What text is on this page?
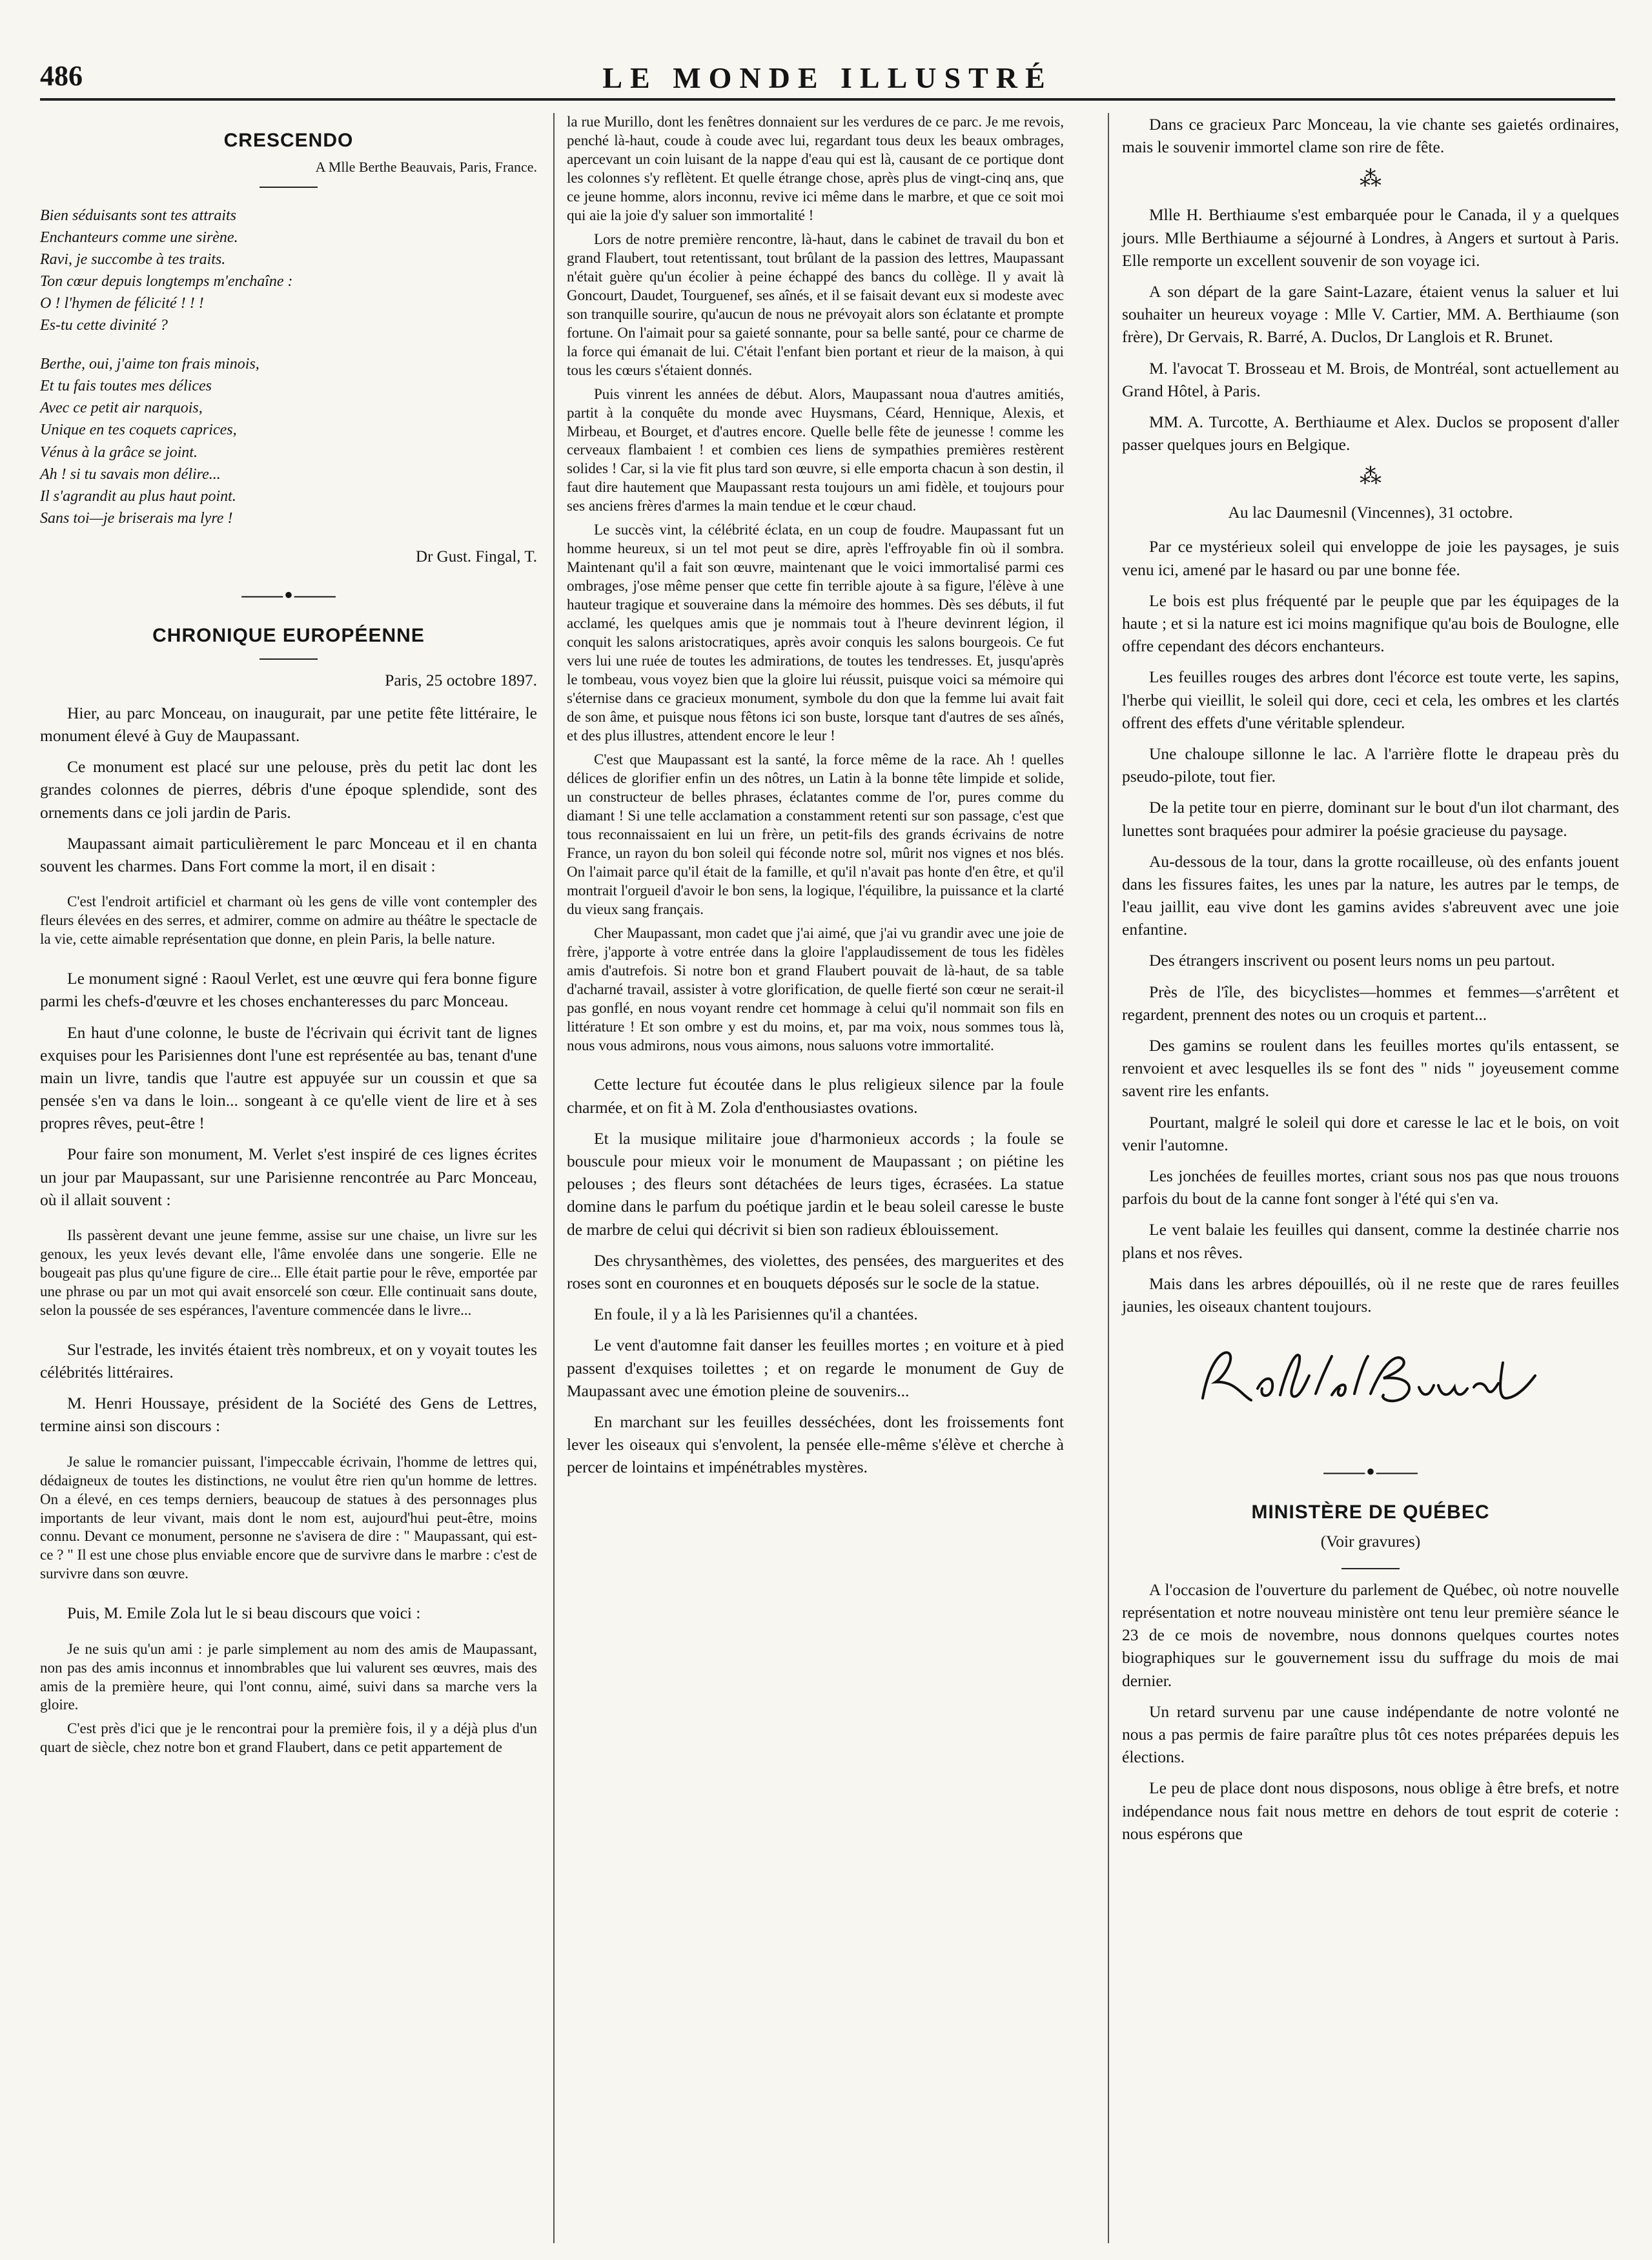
486	LE MONDE ILLUSTRÉ
CRESCENDO
A Mlle Berthe Beauvais, Paris, France.
Bien séduisants sont tes attraits
Enchanteurs comme une sirène.
Ravi, je succombe à tes traits.
Ton cœur depuis longtemps m'enchaîne :
O ! l'hymen de félicité ! ! !
Es-tu cette divinité ?
Berthe, oui, j'aime ton frais minois,
Et tu fais toutes mes délices
Avec ce petit air narquois,
Unique en tes coquets caprices,
Vénus à la grâce se joint.
Ah ! si tu savais mon délire...
Il s'agrandit au plus haut point.
Sans toi—je briserais ma lyre !
Dr Gust. Fingal, T.
⸺•⸺
CHRONIQUE EUROPÉENNE
Paris, 25 octobre 1897.

Hier, au parc Monceau, on inaugurait, par une petite fête littéraire, le monument élevé à Guy de Maupassant.

Ce monument est placé sur une pelouse, près du petit lac dont les grandes colonnes de pierres, débris d'une époque splendide, sont des ornements dans ce joli jardin de Paris.

Maupassant aimait particulièrement le parc Monceau et il en chanta souvent les charmes. Dans Fort comme la mort, il en disait :

C'est l'endroit artificiel et charmant où les gens de ville vont contempler des fleurs élevées en des serres, et admirer, comme on admire au théâtre le spectacle de la vie, cette aimable représentation que donne, en plein Paris, la belle nature.

Le monument signé : Raoul Verlet, est une œuvre qui fera bonne figure parmi les chefs-d'œuvre et les choses enchanteresses du parc Monceau.

En haut d'une colonne, le buste de l'écrivain qui écrivit tant de lignes exquises pour les Parisiennes dont l'une est représentée au bas, tenant d'une main un livre, tandis que l'autre est appuyée sur un coussin et que sa pensée s'en va dans le loin... songeant à ce qu'elle vient de lire et à ses propres rêves, peut-être !

Pour faire son monument, M. Verlet s'est inspiré de ces lignes écrites un jour par Maupassant, sur une Parisienne rencontrée au Parc Monceau, où il allait souvent :

Ils passèrent devant une jeune femme, assise sur une chaise, un livre sur les genoux, les yeux levés devant elle, l'âme envolée dans une songerie. Elle ne bougeait pas plus qu'une figure de cire... Elle était partie pour le rêve, emportée par une phrase ou par un mot qui avait ensorcelé son cœur. Elle continuait sans doute, selon la poussée de ses espérances, l'aventure commencée dans le livre...

Sur l'estrade, les invités étaient très nombreux, et on y voyait toutes les célébrités littéraires.

M. Henri Houssaye, président de la Société des Gens de Lettres, termine ainsi son discours :

Je salue le romancier puissant, l'impeccable écrivain, l'homme de lettres qui, dédaigneux de toutes les distinctions, ne voulut être rien qu'un homme de lettres. On a élevé, en ces temps derniers, beaucoup de statues à des personnages plus importants de leur vivant, mais dont le nom est, aujourd'hui peut-être, moins connu. Devant ce monument, personne ne s'avisera de dire : " Maupassant, qui est-ce ? " Il est une chose plus enviable encore que de survivre dans le marbre : c'est de survivre dans son œuvre.

Puis, M. Emile Zola lut le si beau discours que voici :

Je ne suis qu'un ami : je parle simplement au nom des amis de Maupassant, non pas des amis inconnus et innombrables que lui valurent ses œuvres, mais des amis de la première heure, qui l'ont connu, aimé, suivi dans sa marche vers la gloire.

C'est près d'ici que je le rencontrai pour la première fois, il y a déjà plus d'un quart de siècle, chez notre bon et grand Flaubert, dans ce petit appartement de

la rue Murillo, dont les fenêtres donnaient sur les verdures de ce parc. Je me revois, penché là-haut, coude à coude avec lui, regardant tous deux les beaux ombrages, apercevant un coin luisant de la nappe d'eau qui est là, causant de ce portique dont les colonnes s'y reflètent. Et quelle étrange chose, après plus de vingt-cinq ans, que ce jeune homme, alors inconnu, revive ici même dans le marbre, et que ce soit moi qui aie la joie d'y saluer son immortalité !

Lors de notre première rencontre, là-haut, dans le cabinet de travail du bon et grand Flaubert, tout retentissant, tout brûlant de la passion des lettres, Maupassant n'était guère qu'un écolier à peine échappé des bancs du collège. Il y avait là Goncourt, Daudet, Tourguenef, ses aînés, et il se faisait devant eux si modeste avec son tranquille sourire, qu'aucun de nous ne prévoyait alors son éclatante et prompte fortune. On l'aimait pour sa gaieté sonnante, pour sa belle santé, pour ce charme de la force qui émanait de lui. C'était l'enfant bien portant et rieur de la maison, à qui tous les cœurs s'étaient donnés.

Puis vinrent les années de début. Alors, Maupassant noua d'autres amitiés, partit à la conquête du monde avec Huysmans, Céard, Hennique, Alexis, et Mirbeau, et Bourget, et d'autres encore. Quelle belle fête de jeunesse ! comme les cerveaux flambaient ! et combien ces liens de sympathies premières restèrent solides ! Car, si la vie fit plus tard son œuvre, si elle emporta chacun à son destin, il faut dire hautement que Maupassant resta toujours un ami fidèle, et toujours pour ses anciens frères d'armes la main tendue et le cœur chaud.

Le succès vint, la célébrité éclata, en un coup de foudre. Maupassant fut un homme heureux, si un tel mot peut se dire, après l'effroyable fin où il sombra. Maintenant qu'il a fait son œuvre, maintenant que le voici immortalisé parmi ces ombrages, j'ose même penser que cette fin terrible ajoute à sa figure, l'élève à une hauteur tragique et souveraine dans la mémoire des hommes. Dès ses débuts, il fut acclamé, les quelques amis que je nommais tout à l'heure devinrent légion, il conquit les salons aristocratiques, après avoir conquis les salons bourgeois. Ce fut vers lui une ruée de toutes les admirations, de toutes les tendresses. Et, jusqu'après le tombeau, vous voyez bien que la gloire lui réussit, puisque voici sa mémoire qui s'éternise dans ce gracieux monument, symbole du don que la femme lui avait fait de son âme, et puisque nous fêtons ici son buste, lorsque tant d'autres de ses aînés, et des plus illustres, attendent encore le leur !

C'est que Maupassant est la santé, la force même de la race. Ah ! quelles délices de glorifier enfin un des nôtres, un Latin à la bonne tête limpide et solide, un constructeur de belles phrases, éclatantes comme de l'or, pures comme du diamant ! Si une telle acclamation a constamment retenti sur son passage, c'est que tous reconnaissaient en lui un frère, un petit-fils des grands écrivains de notre France, un rayon du bon soleil qui féconde notre sol, mûrit nos vignes et nos blés. On l'aimait parce qu'il était de la famille, et qu'il n'avait pas honte d'en être, et qu'il montrait l'orgueil d'avoir le bon sens, la logique, l'équilibre, la puissance et la clarté du vieux sang français.

Cher Maupassant, mon cadet que j'ai aimé, que j'ai vu grandir avec une joie de frère, j'apporte à votre entrée dans la gloire l'applaudissement de tous les fidèles amis d'autrefois. Si notre bon et grand Flaubert pouvait de là-haut, de sa table d'acharné travail, assister à votre glorification, de quelle fierté son cœur ne serait-il pas gonflé, en nous voyant rendre cet hommage à celui qu'il nommait son fils en littérature ! Et son ombre y est du moins, et, par ma voix, nous sommes tous là, nous vous admirons, nous vous aimons, nous saluons votre immortalité.

Cette lecture fut écoutée dans le plus religieux silence par la foule charmée, et on fit à M. Zola d'enthousiastes ovations.

Et la musique militaire joue d'harmonieux accords ; la foule se bouscule pour mieux voir le monument de Maupassant ; on piétine les pelouses ; des fleurs sont détachées de leurs tiges, écrasées. La statue domine dans le parfum du poétique jardin et le beau soleil caresse le buste de marbre de celui qui décrivit si bien son radieux éblouissement.

Des chrysanthèmes, des violettes, des pensées, des marguerites et des roses sont en couronnes et en bouquets déposés sur le socle de la statue.

En foule, il y a là les Parisiennes qu'il a chantées.

Le vent d'automne fait danser les feuilles mortes ; en voiture et à pied passent d'exquises toilettes ; et on regarde le monument de Guy de Maupassant avec une émotion pleine de souvenirs...

En marchant sur les feuilles desséchées, dont les froissements font lever les oiseaux qui s'envolent, la pensée elle-même s'élève et cherche à percer de lointains et impénétrables mystères.

Dans ce gracieux Parc Monceau, la vie chante ses gaietés ordinaires, mais le souvenir immortel clame son rire de fête.

⁂

Mlle H. Berthiaume s'est embarquée pour le Canada, il y a quelques jours. Mlle Berthiaume a séjourné à Londres, à Angers et surtout à Paris. Elle remporte un excellent souvenir de son voyage ici.

A son départ de la gare Saint-Lazare, étaient venus la saluer et lui souhaiter un heureux voyage : Mlle V. Cartier, MM. A. Berthiaume (son frère), Dr Gervais, R. Barré, A. Duclos, Dr Langlois et R. Brunet.

M. l'avocat T. Brosseau et M. Brois, de Montréal, sont actuellement au Grand Hôtel, à Paris.

MM. A. Turcotte, A. Berthiaume et Alex. Duclos se proposent d'aller passer quelques jours en Belgique.

⁂
Au lac Daumesnil (Vincennes), 31 octobre.

Par ce mystérieux soleil qui enveloppe de joie les paysages, je suis venu ici, amené par le hasard ou par une bonne fée.

Le bois est plus fréquenté par le peuple que par les équipages de la haute ; et si la nature est ici moins magnifique qu'au bois de Boulogne, elle offre cependant des décors enchanteurs.

Les feuilles rouges des arbres dont l'écorce est toute verte, les sapins, l'herbe qui vieillit, le soleil qui dore, ceci et cela, les ombres et les clartés offrent des effets d'une véritable splendeur.

Une chaloupe sillonne le lac. A l'arrière flotte le drapeau près du pseudo-pilote, tout fier.

De la petite tour en pierre, dominant sur le bout d'un ilot charmant, des lunettes sont braquées pour admirer la poésie gracieuse du paysage.

Au-dessous de la tour, dans la grotte rocailleuse, où des enfants jouent dans les fissures faites, les unes par la nature, les autres par le temps, de l'eau jaillit, eau vive dont les gamins avides s'abreuvent avec une joie enfantine.

Des étrangers inscrivent ou posent leurs noms un peu partout.

Près de l'île, des bicyclistes—hommes et femmes—s'arrêtent et regardent, prennent des notes ou un croquis et partent...

Des gamins se roulent dans les feuilles mortes qu'ils entassent, se renvoient et avec lesquelles ils se font des " nids " joyeusement comme savent rire les enfants.

Pourtant, malgré le soleil qui dore et caresse le lac et le bois, on voit venir l'automne.

Les jonchées de feuilles mortes, criant sous nos pas que nous trouons parfois du bout de la canne font songer à l'été qui s'en va.

Le vent balaie les feuilles qui dansent, comme la destinée charrie nos plans et nos rêves.

Mais dans les arbres dépouillés, où il ne reste que de rares feuilles jaunies, les oiseaux chantent toujours.

⸺•⸺
MINISTÈRE DE QUÉBEC
(Voir gravures)

A l'occasion de l'ouverture du parlement de Québec, où notre nouvelle représentation et notre nouveau ministère ont tenu leur première séance le 23 de ce mois de novembre, nous donnons quelques courtes notes biographiques sur le gouvernement issu du suffrage du mois de mai dernier.

Un retard survenu par une cause indépendante de notre volonté ne nous a pas permis de faire paraître plus tôt ces notes préparées depuis les élections.

Le peu de place dont nous disposons, nous oblige à être brefs, et notre indépendance nous fait nous mettre en dehors de tout esprit de coterie : nous espérons que
